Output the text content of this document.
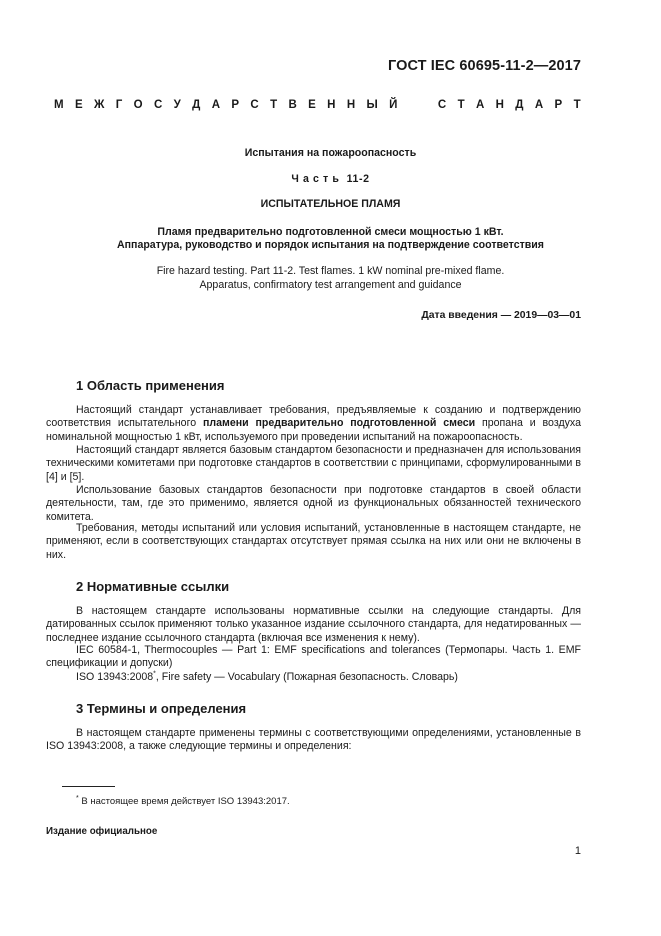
ГОСТ IEC 60695-11-2—2017
М Е Ж Г О С У Д А Р С Т В Е Н Н Ы Й

	С Т А Н Д А Р Т
Испытания на пожароопасность
Ч а с т ь  11-2
ИСПЫТАТЕЛЬНОЕ ПЛАМЯ
Пламя предварительно подготовленной смеси мощностью 1 кВт.
Аппаратура, руководство и порядок испытания на подтверждение соответствия
Fire hazard testing. Part 11-2. Test flames. 1 kW nominal pre-mixed flame.
Apparatus, confirmatory test arrangement and guidance
Дата введения — 2019—03—01
1 Область применения
Настоящий стандарт устанавливает требования, предъявляемые к созданию и подтверждению соответствия испытательного пламени предварительно подготовленной смеси пропана и воздуха номинальной мощностью 1 кВт, используемого при проведении испытаний на пожароопасность.
Настоящий стандарт является базовым стандартом безопасности и предназначен для использования техническими комитетами при подготовке стандартов в соответствии с принципами, сформулированными в [4] и [5].
Использование базовых стандартов безопасности при подготовке стандартов в своей области деятельности, там, где это применимо, является одной из функциональных обязанностей технического комитета.
Требования, методы испытаний или условия испытаний, установленные в настоящем стандарте, не применяют, если в соответствующих стандартах отсутствует прямая ссылка на них или они не включены в них.
2 Нормативные ссылки
В настоящем стандарте использованы нормативные ссылки на следующие стандарты. Для датированных ссылок применяют только указанное издание ссылочного стандарта, для недатированных — последнее издание ссылочного стандарта (включая все изменения к нему).
IEC 60584-1, Thermocouples — Part 1: EMF specifications and tolerances (Термопары. Часть 1. EMF спецификации и допуски)
ISO 13943:2008*, Fire safety — Vocabulary (Пожарная безопасность. Словарь)
3 Термины и определения
В настоящем стандарте применены термины с соответствующими определениями, установленные в ISO 13943:2008, а также следующие термины и определения:
* В настоящее время действует ISO 13943:2017.
Издание официальное
1
